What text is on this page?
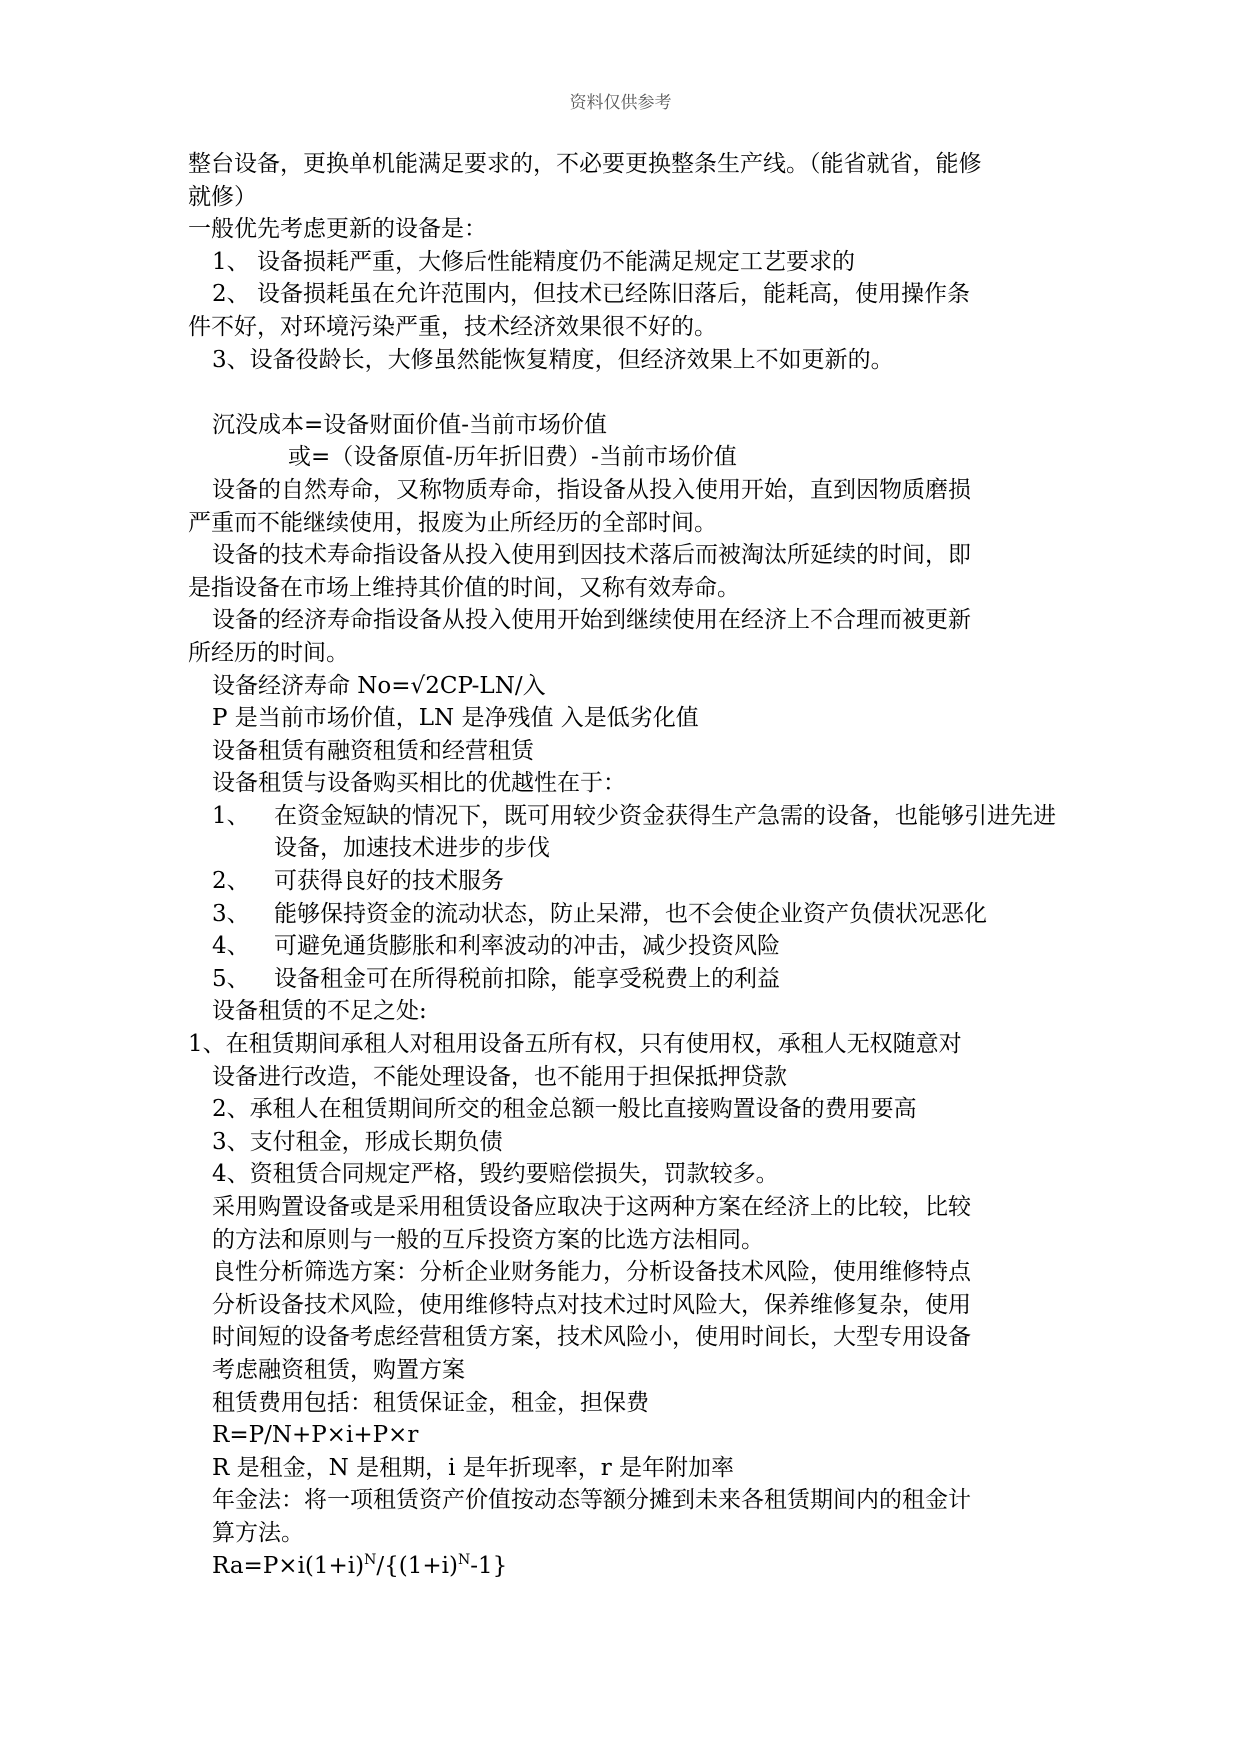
资料仅供参考
整台设备，更换单机能满足要求的，不必要更换整条生产线。（能省就省，能修
就修）
一般优先考虑更新的设备是：
1、 设备损耗严重，大修后性能精度仍不能满足规定工艺要求的
2、 设备损耗虽在允许范围内，但技术已经陈旧落后，能耗高，使用操作条
件不好，对环境污染严重，技术经济效果很不好的。
3、设备役龄长，大修虽然能恢复精度，但经济效果上不如更新的。
沉没成本=设备财面价值-当前市场价值
或=（设备原值-历年折旧费）-当前市场价值
设备的自然寿命，又称物质寿命，指设备从投入使用开始，直到因物质磨损
严重而不能继续使用，报废为止所经历的全部时间。
设备的技术寿命指设备从投入使用到因技术落后而被淘汰所延续的时间，即
是指设备在市场上维持其价值的时间，又称有效寿命。
设备的经济寿命指设备从投入使用开始到继续使用在经济上不合理而被更新
所经历的时间。
设备经济寿命 No=√2CP-LN/入
P 是当前市场价值，LN 是净残值 入是低劣化值
设备租赁有融资租赁和经营租赁
设备租赁与设备购买相比的优越性在于：
1、	在资金短缺的情况下，既可用较少资金获得生产急需的设备，也能够引进先进设备，加速技术进步的步伐
2、	可获得良好的技术服务
3、	能够保持资金的流动状态，防止呆滞，也不会使企业资产负债状况恶化
4、	可避免通货膨胀和利率波动的冲击，减少投资风险
5、	设备租金可在所得税前扣除，能享受税费上的利益
设备租赁的不足之处:
1、在租赁期间承租人对租用设备五所有权，只有使用权，承租人无权随意对
设备进行改造，不能处理设备，也不能用于担保抵押贷款
2、承租人在租赁期间所交的租金总额一般比直接购置设备的费用要高
3、支付租金，形成长期负债
4、资租赁合同规定严格，毁约要赔偿损失，罚款较多。
采用购置设备或是采用租赁设备应取决于这两种方案在经济上的比较，比较
的方法和原则与一般的互斥投资方案的比选方法相同。
良性分析筛选方案：分析企业财务能力，分析设备技术风险，使用维修特点
分析设备技术风险，使用维修特点对技术过时风险大，保养维修复杂，使用
时间短的设备考虑经营租赁方案，技术风险小，使用时间长，大型专用设备
考虑融资租赁，购置方案
租赁费用包括：租赁保证金，租金，担保费
R=P/N+P×i+P×r
R 是租金，N 是租期，i 是年折现率，r 是年附加率
年金法：将一项租赁资产价值按动态等额分摊到未来各租赁期间内的租金计
算方法。
$Ra=P\times i(1+i)^N/\{(1+i)^N-1\}$
